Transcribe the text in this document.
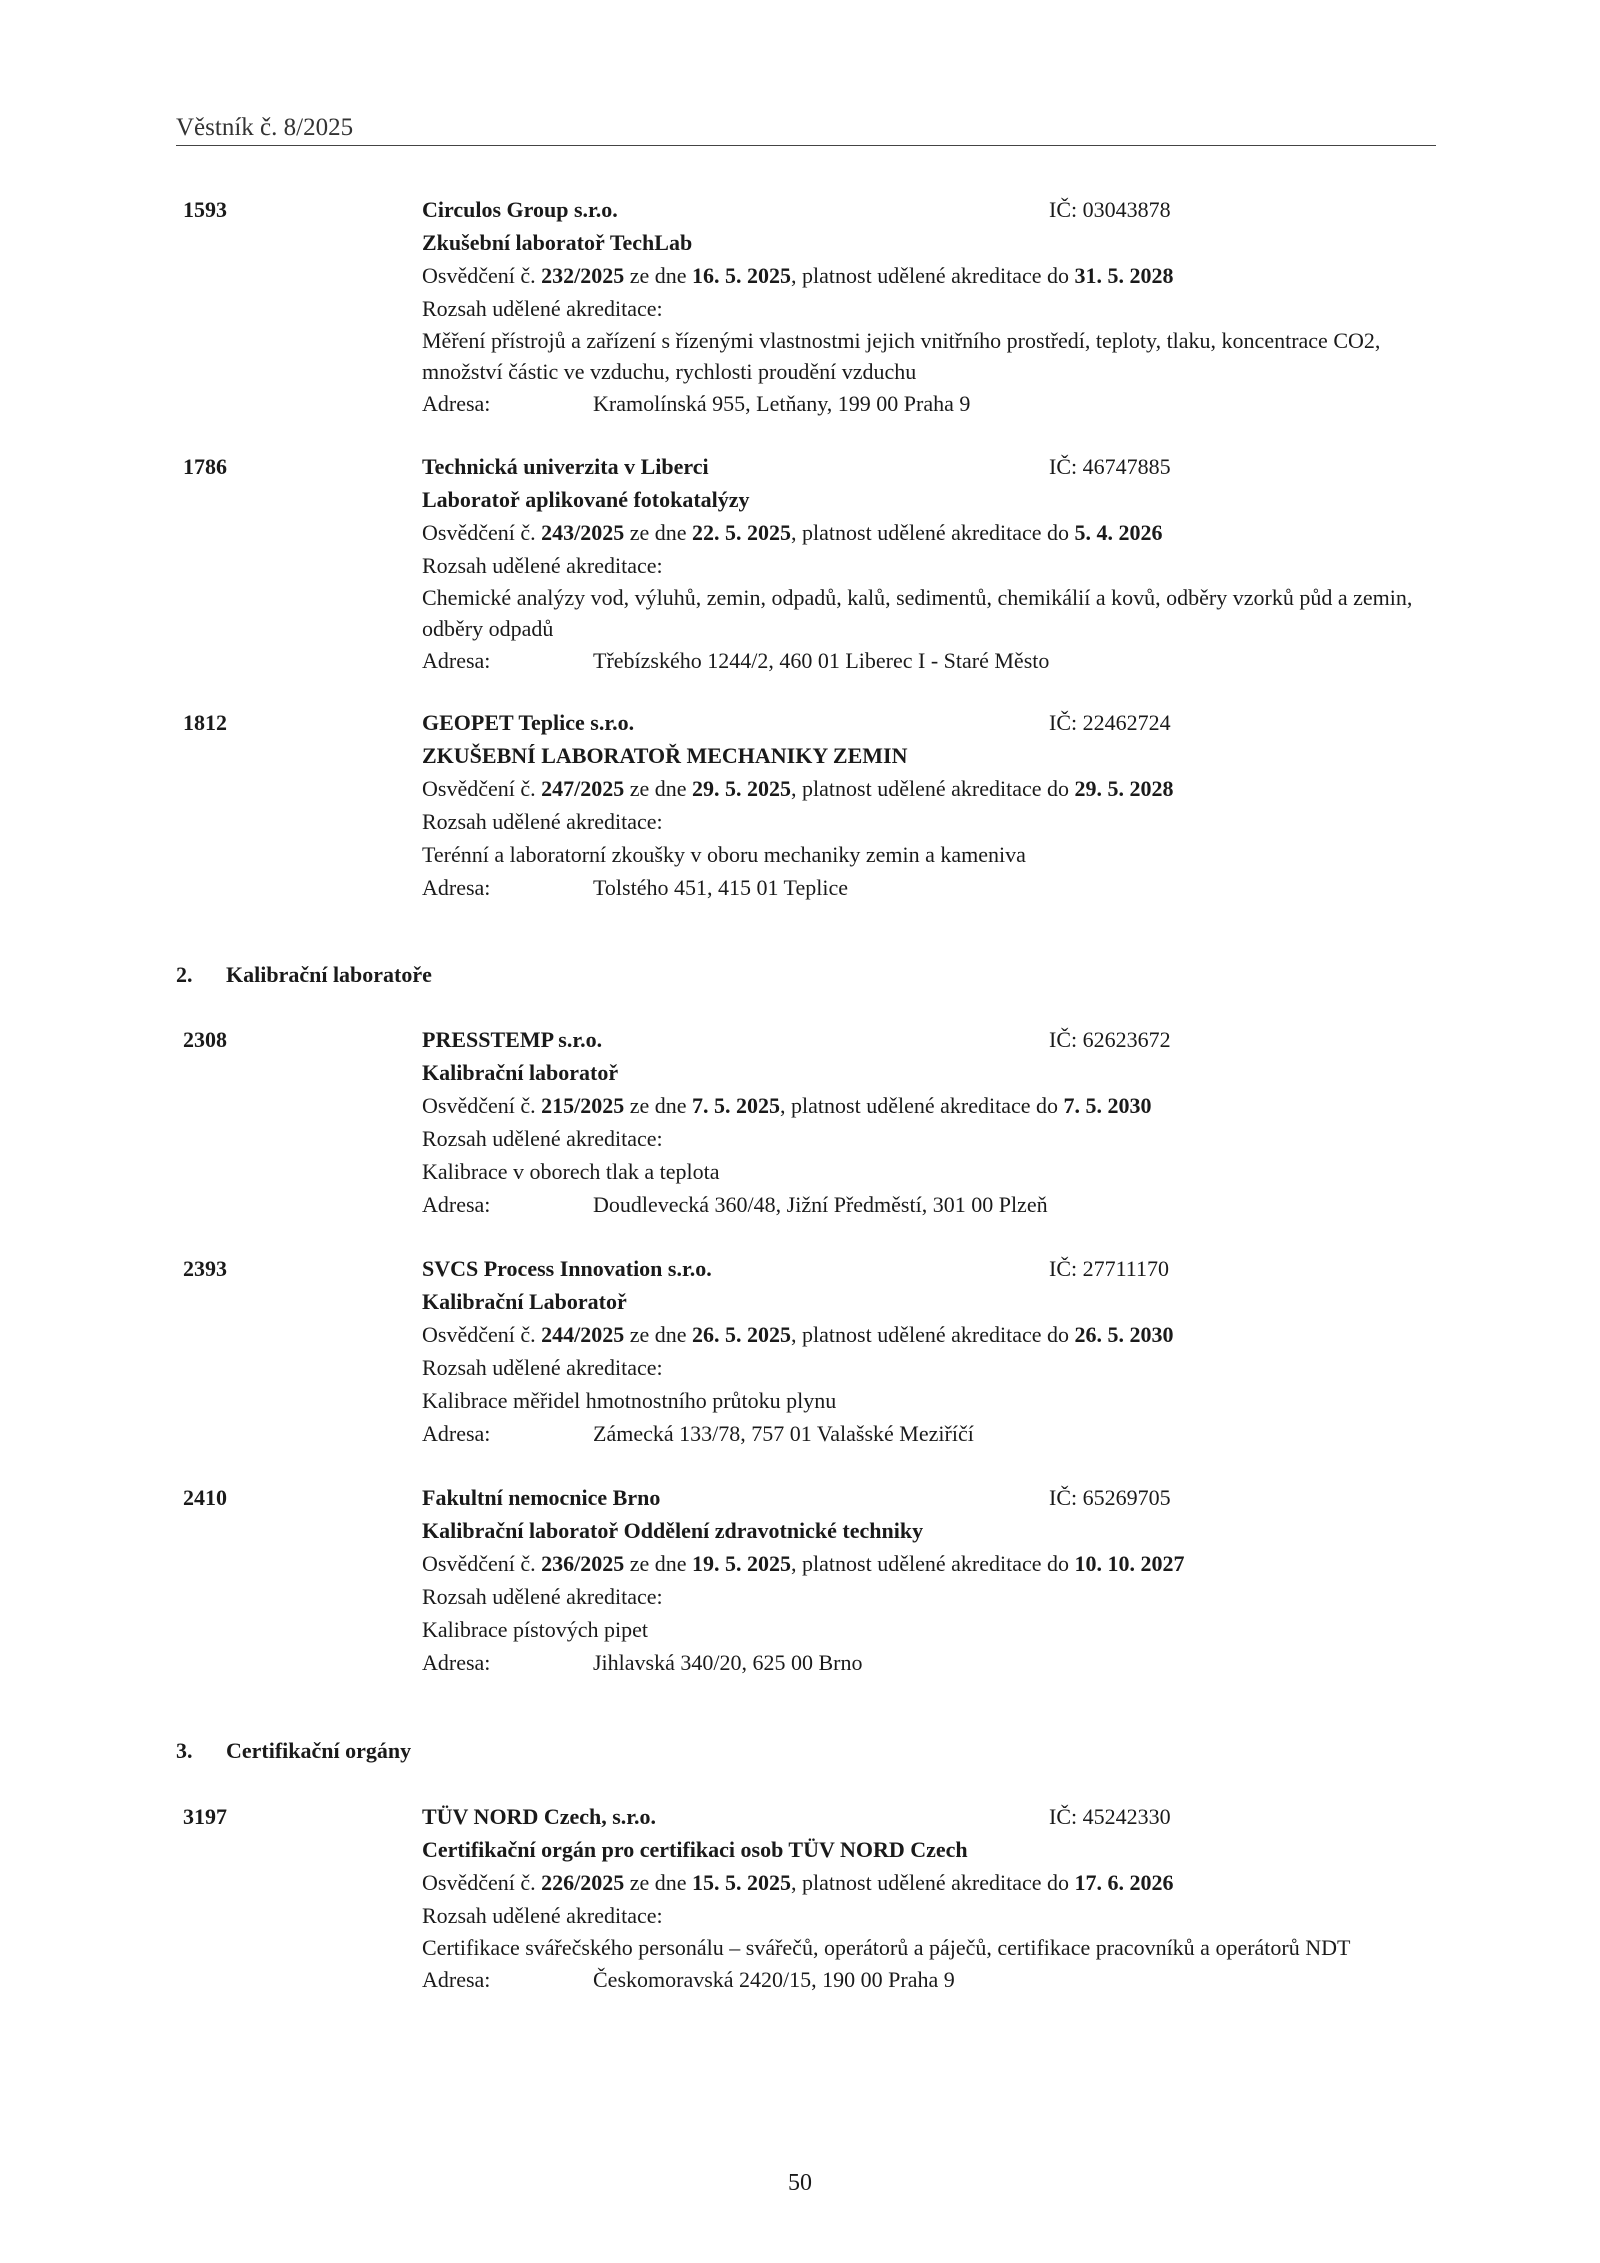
Věstník č. 8/2025
1593	Circulos Group s.r.o.	IČ: 03043878
Zkušební laboratoř TechLab
Osvědčení č. 232/2025 ze dne 16. 5. 2025, platnost udělené akreditace do 31. 5. 2028
Rozsah udělené akreditace:
Měření přístrojů a zařízení s řízenými vlastnostmi jejich vnitřního prostředí, teploty, tlaku, koncentrace CO2, množství částic ve vzduchu, rychlosti proudění vzduchu
Adresa:	Kramolínská 955, Letňany, 199 00 Praha 9
1786	Technická univerzita v Liberci	IČ: 46747885
Laboratoř aplikované fotokatalýzy
Osvědčení č. 243/2025 ze dne 22. 5. 2025, platnost udělené akreditace do 5. 4. 2026
Rozsah udělené akreditace:
Chemické analýzy vod, výluhů, zemin, odpadů, kalů, sedimentů, chemikálií a kovů, odběry vzorků půd a zemin, odběry odpadů
Adresa:	Třebízského 1244/2, 460 01 Liberec I - Staré Město
1812	GEOPET Teplice s.r.o.	IČ: 22462724
ZKUŠEBNÍ LABORATOŘ MECHANIKY ZEMIN
Osvědčení č. 247/2025 ze dne 29. 5. 2025, platnost udělené akreditace do 29. 5. 2028
Rozsah udělené akreditace:
Terénní a laboratorní zkoušky v oboru mechaniky zemin a kameniva
Adresa:	Tolstého 451, 415 01 Teplice
2. Kalibrační laboratoře
2308	PRESSTEMP s.r.o.	IČ: 62623672
Kalibrační laboratoř
Osvědčení č. 215/2025 ze dne 7. 5. 2025, platnost udělené akreditace do 7. 5. 2030
Rozsah udělené akreditace:
Kalibrace v oborech tlak a teplota
Adresa:	Doudlevecká 360/48, Jižní Předměstí, 301 00 Plzeň
2393	SVCS Process Innovation s.r.o.	IČ: 27711170
Kalibrační Laboratoř
Osvědčení č. 244/2025 ze dne 26. 5. 2025, platnost udělené akreditace do 26. 5. 2030
Rozsah udělené akreditace:
Kalibrace měřidel hmotnostního průtoku plynu
Adresa:	Zámecká 133/78, 757 01 Valašské Meziříčí
2410	Fakultní nemocnice Brno	IČ: 65269705
Kalibrační laboratoř Oddělení zdravotnické techniky
Osvědčení č. 236/2025 ze dne 19. 5. 2025, platnost udělené akreditace do 10. 10. 2027
Rozsah udělené akreditace:
Kalibrace pístových pipet
Adresa:	Jihlavská 340/20, 625 00 Brno
3. Certifikační orgány
3197	TÜV NORD Czech, s.r.o.	IČ: 45242330
Certifikační orgán pro certifikaci osob TÜV NORD Czech
Osvědčení č. 226/2025 ze dne 15. 5. 2025, platnost udělené akreditace do 17. 6. 2026
Rozsah udělené akreditace:
Certifikace svářečského personálu – svářečů, operátorů a páječů, certifikace pracovníků a operátorů NDT
Adresa:	Českomoravská 2420/15, 190 00 Praha 9
50
